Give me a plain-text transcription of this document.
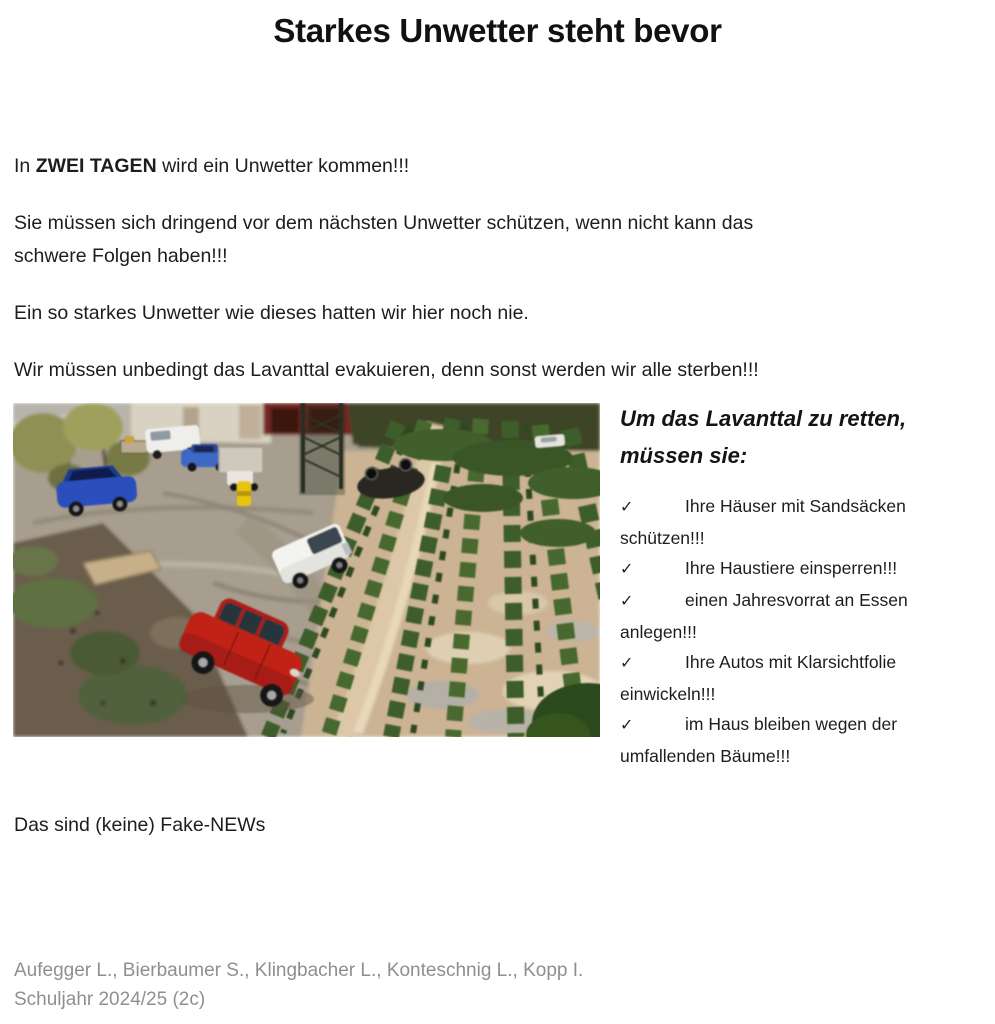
Starkes Unwetter steht bevor

In ZWEI TAGEN wird ein Unwetter kommen!!!

Sie müssen sich dringend vor dem nächsten Unwetter schützen, wenn nicht kann das
schwere Folgen haben!!!

Ein so starkes Unwetter wie dieses hatten wir hier noch nie.

Wir müssen unbedingt das Lavanttal evakuieren, denn sonst werden wir alle sterben!!!

Um das Lavanttal zu retten, müssen sie:
✓	Ihre Häuser mit Sandsäcken schützen!!!
✓	Ihre Haustiere einsperren!!!
✓	einen Jahresvorrat an Essen anlegen!!!
✓	Ihre Autos mit Klarsichtfolie einwickeln!!!
✓	im Haus bleiben wegen der umfallenden Bäume!!!
Das sind (keine) Fake-NEWs
Aufegger L., Bierbaumer S., Klingbacher L., Konteschnig L., Kopp I.
Schuljahr 2024/25 (2c)
